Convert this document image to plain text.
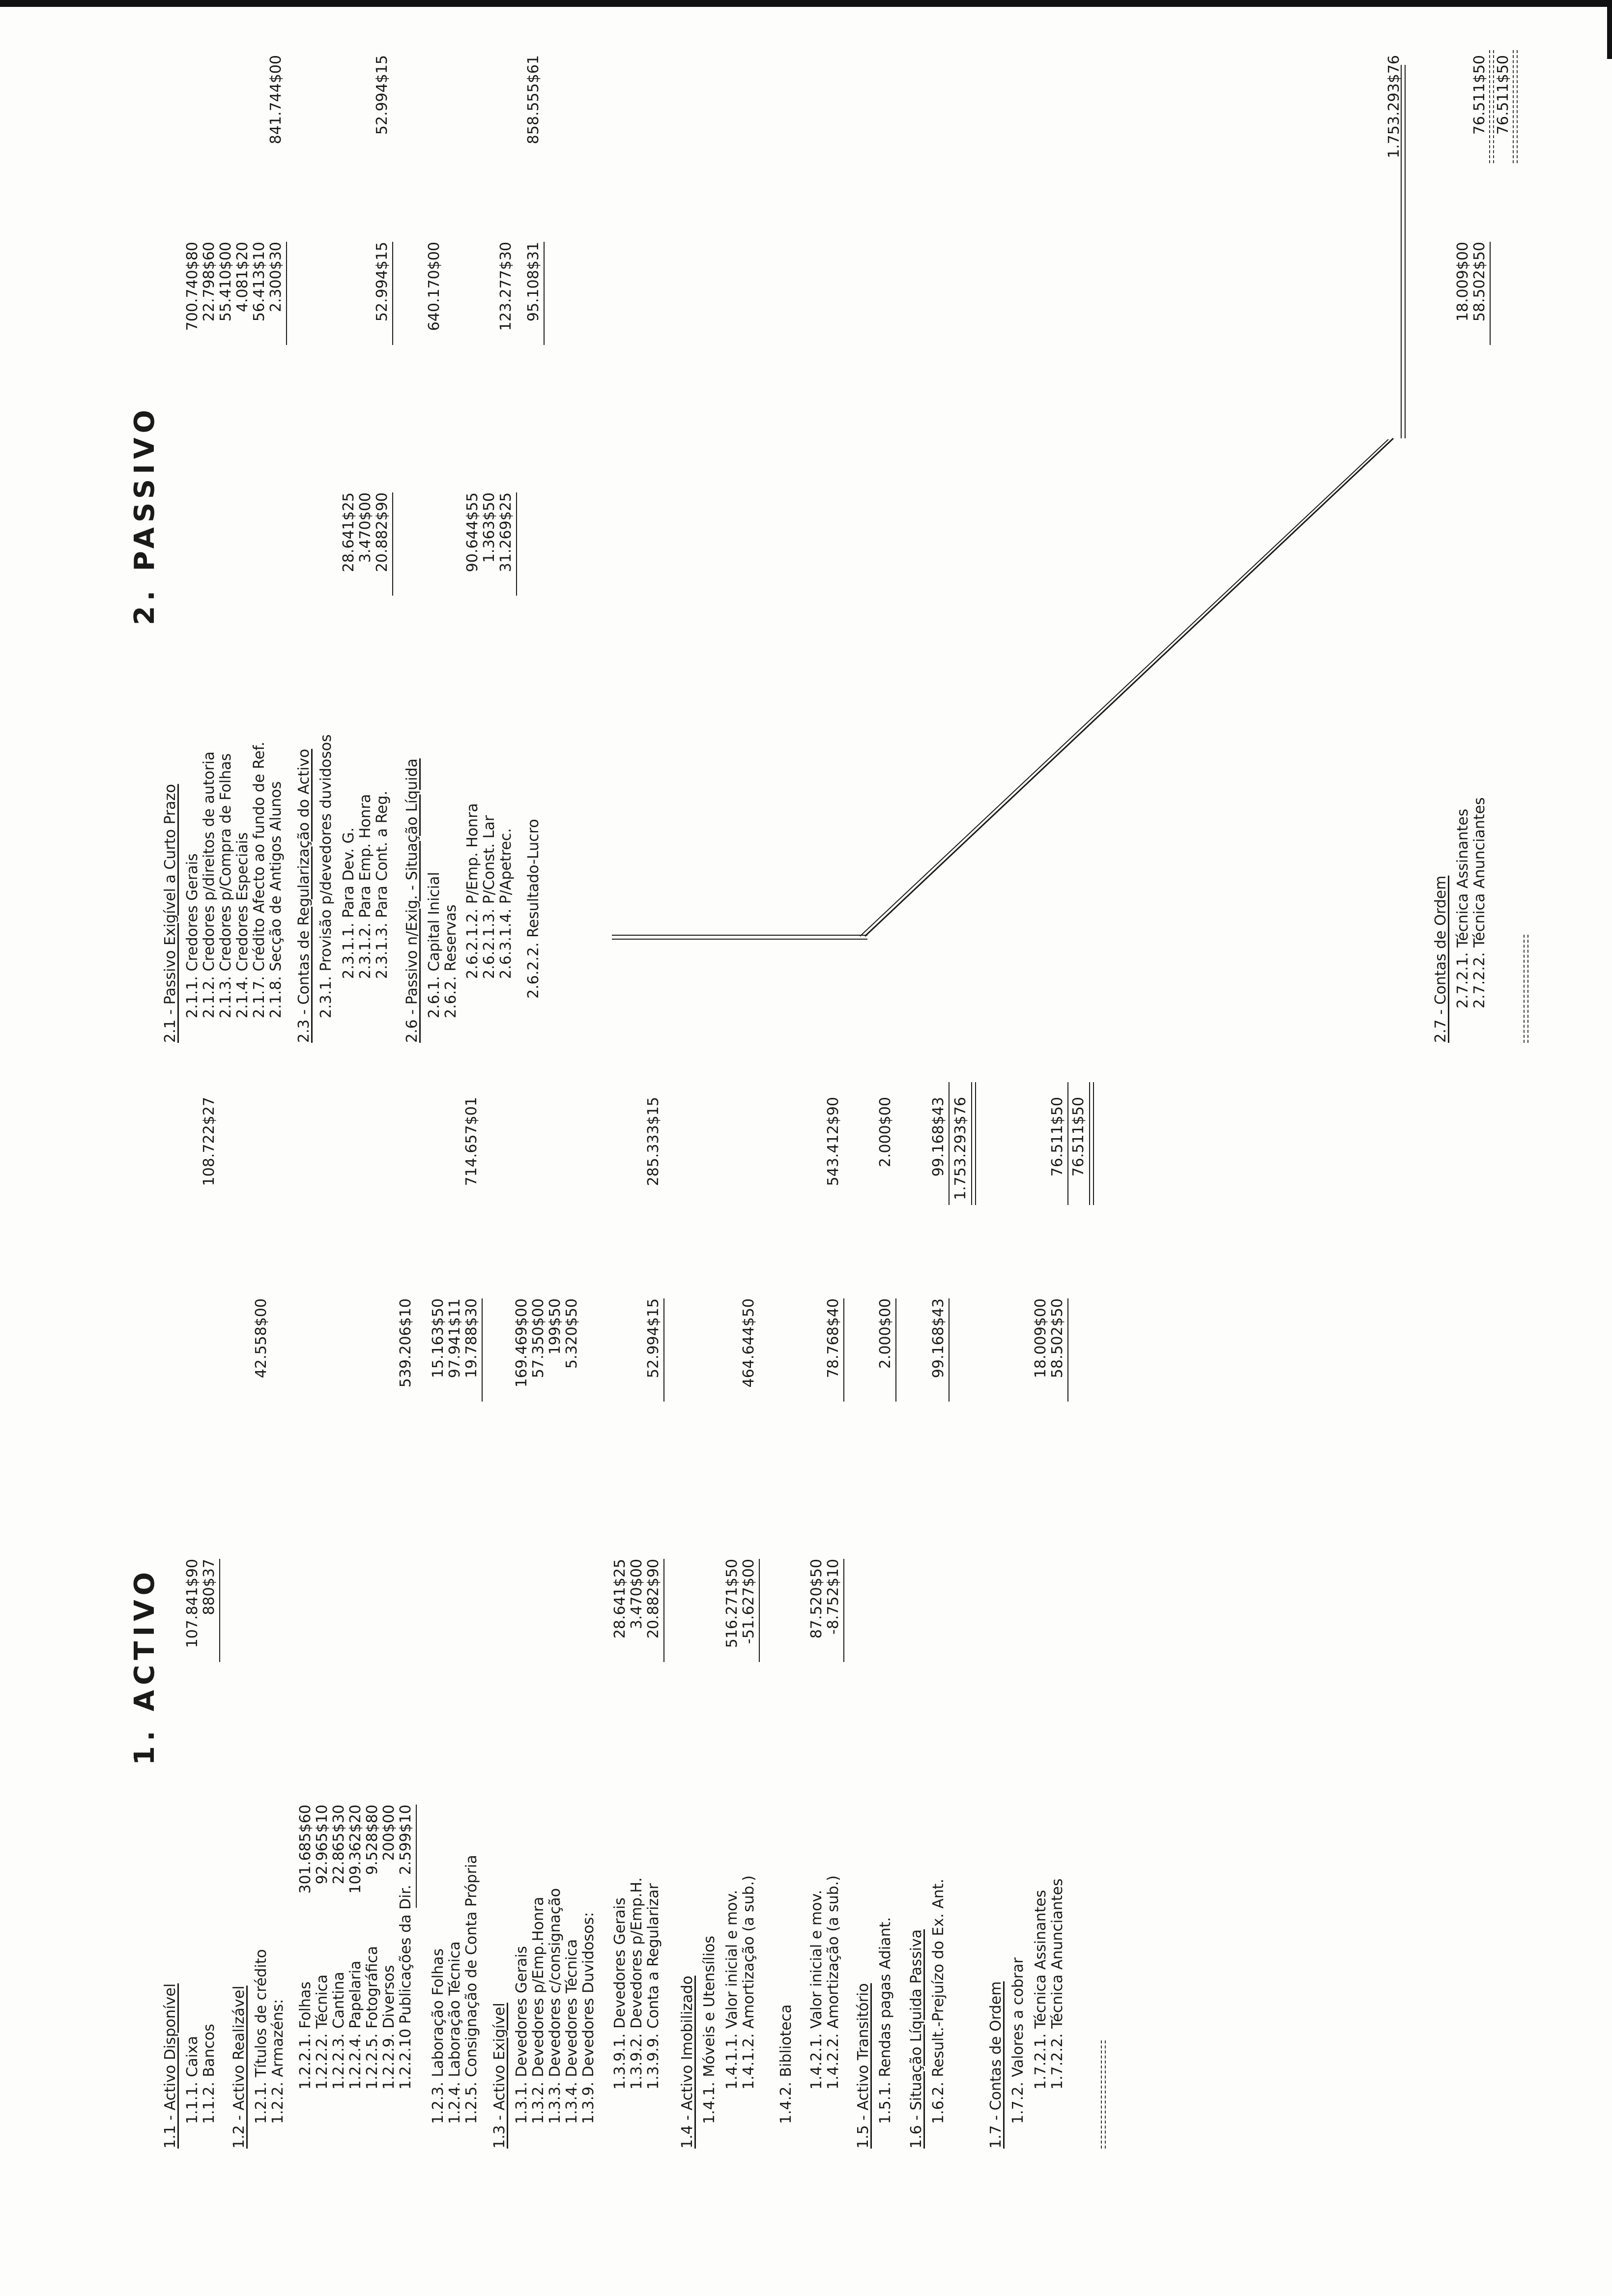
1. ACTIVO
1.1 - Activo Disponível 1.1.1. Caixa
107.841$90
1.1.2. Bancos
880$37
108.722$27
1.2 - Activo Realizável 1.2.1. Títulos de crédito
42.558$00
1.2.2. Armazéns: 1.2.2.1. Folhas
301.685$60
1.2.2.2. Técnica
92.965$10
1.2.2.3. Cantina
22.865$30
1.2.2.4. Papelaria
109.362$20
1.2.2.5. Fotográfica
9.528$80
1.2.2.9. Diversos
200$00
1.2.2.10 Publicações da Dir.
2.599$10
539.206$10
1.2.3. Laboração Folhas
15.163$50
1.2.4. Laboração Técnica
97.941$11
1.2.5. Consignação de Conta Própria
19.788$30
714.657$01
1.3 - Activo Exigível 1.3.1. Devedores Gerais
169.469$00
1.3.2. Devedores p/Emp.Honra
57.350$00
1.3.3. Devedores c/consignação
199$50
1.3.4. Devedores Técnica
5.320$50
1.3.9. Devedores Duvidosos: 1.3.9.1. Devedores Gerais
28.641$25
1.3.9.2. Devedores p/Emp.H.
3.470$00
1.3.9.9. Conta a Regularizar
20.882$90
52.994$15
285.333$15
1.4 - Activo Imobilizado 1.4.1. Móveis e Utensílios 1.4.1.1. Valor inicial e mov.
516.271$50
1.4.1.2. Amortização (a sub.)
-51.627$00
464.644$50
1.4.2. Biblioteca 1.4.2.1. Valor inicial e mov.
87.520$50
1.4.2.2. Amortização (a sub.)
-8.752$10
78.768$40
543.412$90
1.5 - Activo Transitório 1.5.1. Rendas pagas Adiant.
2.000$00
2.000$00
1.6 - Situação Líquida Passiva 1.6.2. Result.-Prejuízo do Ex. Ant.
99.168$43
99.168$43 1.753.293$76
1.7 - Contas de Ordem 1.7.2. Valores a cobrar 1.7.2.1. Técnica Assinantes
18.009$00
1.7.2.2. Técnica Anunciantes
58.502$50
76.511$50 76.511$50
2. PASSIVO
2.1 - Passivo Exigível a Curto Prazo 2.1.1. Credores Gerais
700.740$80
2.1.2. Credores p/direitos de autoria
22.798$60
2.1.3. Credores p/Compra de Folhas
55.410$00
2.1.4. Credores Especiais
4.081$20
2.1.7. Crédito Afecto ao fundo de Ref.
56.413$10
2.1.8. Secção de Antigos Alunos
2.300$30
841.744$00
2.3 - Contas de Regularização do Activo 2.3.1. Provisão p/devedores duvidosos 2.3.1.1. Para Dev. G.
28.641$25
2.3.1.2. Para Emp. Honra
3.470$00
2.3.1.3. Para Cont. a Reg.
20.882$90
52.994$15
52.994$15
2.6 - Passivo n/Exig. - Situação Líquida 2.6.1. Capital Inicial
640.170$00
2.6.2. Reservas 2.6.2.1.2. P/Emp. Honra
90.644$55
2.6.2.1.3. P/Const. Lar
1.363$50
2.6.3.1.4. P/Apetrec.
31.269$25
123.277$30
2.6.2.2. Resultado-Lucro
95.108$31
858.555$61	1.753.293$76
2.7 - Contas de Ordem 2.7.2.1. Técnica Assinantes
18.009$00
2.7.2.2. Técnica Anunciantes
58.502$50
76.511$50 76.511$50
